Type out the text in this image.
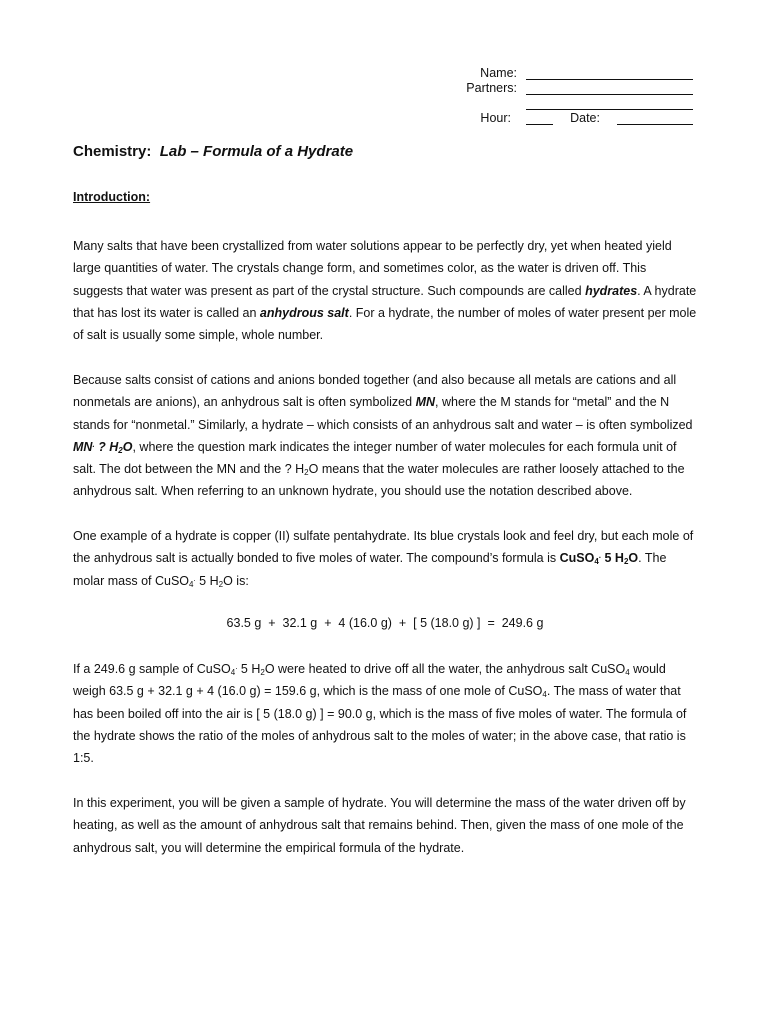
Name:
Partners:
Hour:	Date:
Chemistry: Lab – Formula of a Hydrate
Introduction:

Many salts that have been crystallized from water solutions appear to be perfectly dry, yet when heated yield large quantities of water. The crystals change form, and sometimes color, as the water is driven off. This suggests that water was present as part of the crystal structure. Such compounds are called hydrates. A hydrate that has lost its water is called an anhydrous salt. For a hydrate, the number of moles of water present per mole of salt is usually some simple, whole number.

Because salts consist of cations and anions bonded together (and also because all metals are cations and all nonmetals are anions), an anhydrous salt is often symbolized MN, where the M stands for “metal” and the N stands for “nonmetal.” Similarly, a hydrate – which consists of an anhydrous salt and water – is often symbolized MN. ? $H_2O$, where the question mark indicates the integer number of water molecules for each formula unit of salt. The dot between the MN and the ? $H_2O$ means that the water molecules are rather loosely attached to the anhydrous salt. When referring to an unknown hydrate, you should use the notation described above.

One example of a hydrate is copper (II) sulfate pentahydrate. Its blue crystals look and feel dry, but each mole of the anhydrous salt is actually bonded to five moles of water. The compound’s formula is CuSO$_4$. 5 $H_2O$. The molar mass of CuSO$_4$. 5 $H_2O$ is:

63.5 g  +  32.1 g  +  4 (16.0 g)  +  [ 5 (18.0 g) ]  =  249.6 g

If a 249.6 g sample of CuSO$_4$. 5 $H_2O$ were heated to drive off all the water, the anhydrous salt CuSO$_4$ would weigh 63.5 g + 32.1 g + 4 (16.0 g) = 159.6 g, which is the mass of one mole of CuSO$_4$. The mass of water that has been boiled off into the air is [ 5 (18.0 g) ] = 90.0 g, which is the mass of five moles of water. The formula of the hydrate shows the ratio of the moles of anhydrous salt to the moles of water; in the above case, that ratio is 1:5.

In this experiment, you will be given a sample of hydrate. You will determine the mass of the water driven off by heating, as well as the amount of anhydrous salt that remains behind. Then, given the mass of one mole of the anhydrous salt, you will determine the empirical formula of the hydrate.
